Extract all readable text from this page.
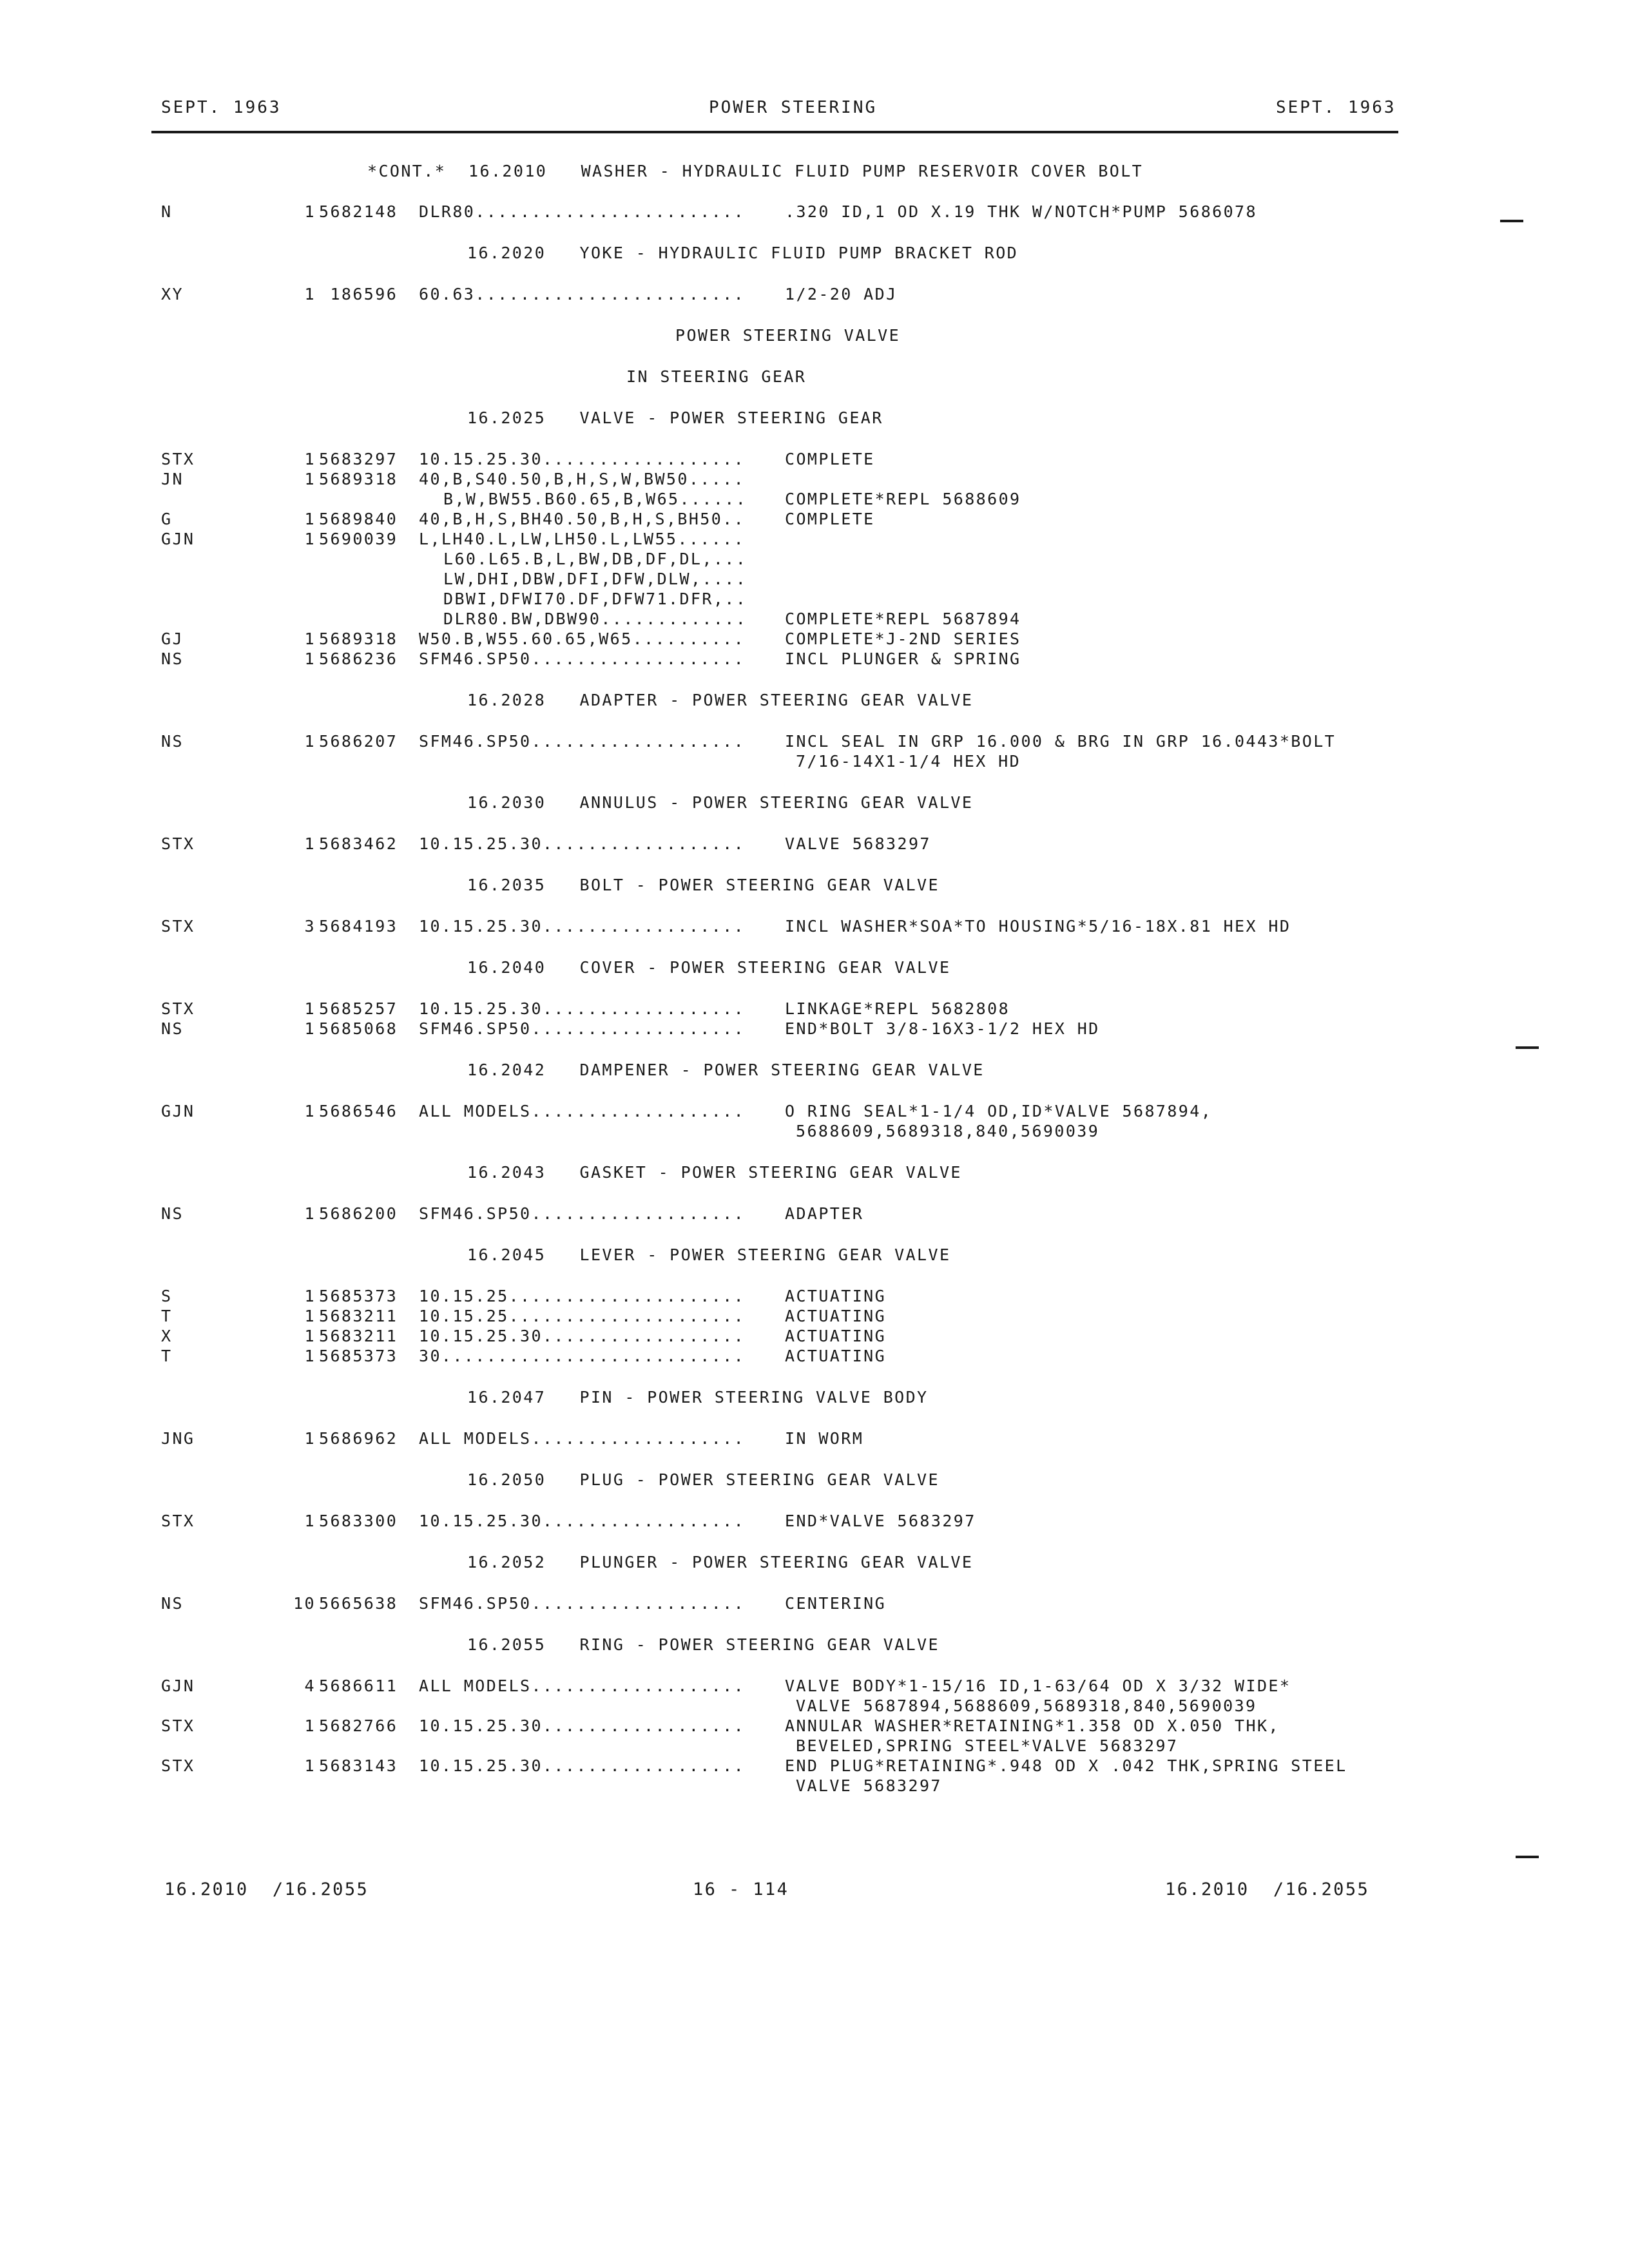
SEPT. 1963	POWER STEERING	SEPT. 1963
*CONT.*  16.2010   WASHER - HYDRAULIC FLUID PUMP RESERVOIR COVER BOLT
N	1 5682148 DLR80........................ .320 ID,1 OD X.19 THK W/NOTCH*PUMP 5686078
16.2020   YOKE - HYDRAULIC FLUID PUMP BRACKET ROD
XY	1 186596 60.63........................ 1/2-20 ADJ
POWER STEERING VALVE
IN STEERING GEAR
16.2025   VALVE - POWER STEERING GEAR
STX	1 5683297 10.15.25.30.................. COMPLETE
JN	1 5689318 40,B,S40.50,B,H,S,W,BW50.....
B,W,BW55.B60.65,B,W65...... COMPLETE*REPL 5688609
G	1 5689840 40,B,H,S,BH40.50,B,H,S,BH50.. COMPLETE
GJN	1 5690039 L,LH40.L,LW,LH50.L,LW55......
L60.L65.B,L,BW,DB,DF,DL,...
LW,DHI,DBW,DFI,DFW,DLW,....
DBWI,DFWI70.DF,DFW71.DFR,..
DLR80.BW,DBW90............. COMPLETE*REPL 5687894
GJ	1 5689318 W50.B,W55.60.65,W65.......... COMPLETE*J-2ND SERIES
NS	1 5686236 SFM46.SP50................... INCL PLUNGER & SPRING
16.2028   ADAPTER - POWER STEERING GEAR VALVE
NS	1 5686207 SFM46.SP50................... INCL SEAL IN GRP 16.000 & BRG IN GRP 16.0443*BOLT
7/16-14X1-1/4 HEX HD
16.2030   ANNULUS - POWER STEERING GEAR VALVE
STX	1 5683462 10.15.25.30.................. VALVE 5683297
16.2035   BOLT - POWER STEERING GEAR VALVE
STX	3 5684193 10.15.25.30.................. INCL WASHER*SOA*TO HOUSING*5/16-18X.81 HEX HD
16.2040   COVER - POWER STEERING GEAR VALVE
STX	1 5685257 10.15.25.30.................. LINKAGE*REPL 5682808
NS	1 5685068 SFM46.SP50................... END*BOLT 3/8-16X3-1/2 HEX HD
16.2042   DAMPENER - POWER STEERING GEAR VALVE
GJN	1 5686546 ALL MODELS................... O RING SEAL*1-1/4 OD,ID*VALVE 5687894,
5688609,5689318,840,5690039
16.2043   GASKET - POWER STEERING GEAR VALVE
NS	1 5686200 SFM46.SP50................... ADAPTER
16.2045   LEVER - POWER STEERING GEAR VALVE
S	1 5685373 10.15.25..................... ACTUATING
T	1 5683211 10.15.25..................... ACTUATING
X	1 5683211 10.15.25.30.................. ACTUATING
T	1 5685373 30........................... ACTUATING
16.2047   PIN - POWER STEERING VALVE BODY
JNG	1 5686962 ALL MODELS................... IN WORM
16.2050   PLUG - POWER STEERING GEAR VALVE
STX	1 5683300 10.15.25.30.................. END*VALVE 5683297
16.2052   PLUNGER - POWER STEERING GEAR VALVE
NS	10 5665638 SFM46.SP50................... CENTERING
16.2055   RING - POWER STEERING GEAR VALVE
GJN	4 5686611 ALL MODELS................... VALVE BODY*1-15/16 ID,1-63/64 OD X 3/32 WIDE*
VALVE 5687894,5688609,5689318,840,5690039
STX	1 5682766 10.15.25.30.................. ANNULAR WASHER*RETAINING*1.358 OD X.050 THK,
BEVELED,SPRING STEEL*VALVE 5683297
STX	1 5683143 10.15.25.30.................. END PLUG*RETAINING*.948 OD X .042 THK,SPRING STEEL
VALVE 5683297
16.2010  /16.2055	16 - 114	16.2010  /16.2055
